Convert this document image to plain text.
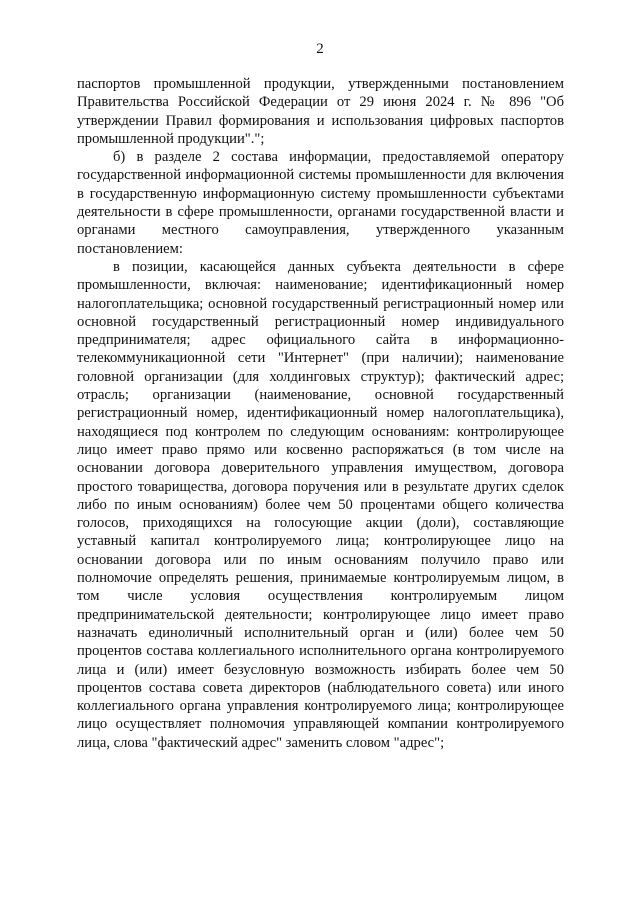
2

паспортов промышленной продукции, утвержденными постановлением Правительства Российской Федерации от 29 июня 2024 г. № 896 "Об утверждении Правил формирования и использования цифровых паспортов промышленной продукции".";

б) в разделе 2 состава информации, предоставляемой оператору государственной информационной системы промышленности для включения в государственную информационную систему промышленности субъектами деятельности в сфере промышленности, органами государственной власти и органами местного самоуправления, утвержденного указанным постановлением:

в позиции, касающейся данных субъекта деятельности в сфере промышленности, включая: наименование; идентификационный номер налогоплательщика; основной государственный регистрационный номер или основной государственный регистрационный номер индивидуального предпринимателя; адрес официального сайта в информационно-телекоммуникационной сети "Интернет" (при наличии); наименование головной организации (для холдинговых структур); фактический адрес; отрасль; организации (наименование, основной государственный регистрационный номер, идентификационный номер налогоплательщика), находящиеся под контролем по следующим основаниям: контролирующее лицо имеет право прямо или косвенно распоряжаться (в том числе на основании договора доверительного управления имуществом, договора простого товарищества, договора поручения или в результате других сделок либо по иным основаниям) более чем 50 процентами общего количества голосов, приходящихся на голосующие акции (доли), составляющие уставный капитал контролируемого лица; контролирующее лицо на основании договора или по иным основаниям получило право или полномочие определять решения, принимаемые контролируемым лицом, в том числе условия осуществления контролируемым лицом предпринимательской деятельности; контролирующее лицо имеет право назначать единоличный исполнительный орган и (или) более чем 50 процентов состава коллегиального исполнительного органа контролируемого лица и (или) имеет безусловную возможность избирать более чем 50 процентов состава совета директоров (наблюдательного совета) или иного коллегиального органа управления контролируемого лица; контролирующее лицо осуществляет полномочия управляющей компании контролируемого лица, слова "фактический адрес" заменить словом "адрес";
